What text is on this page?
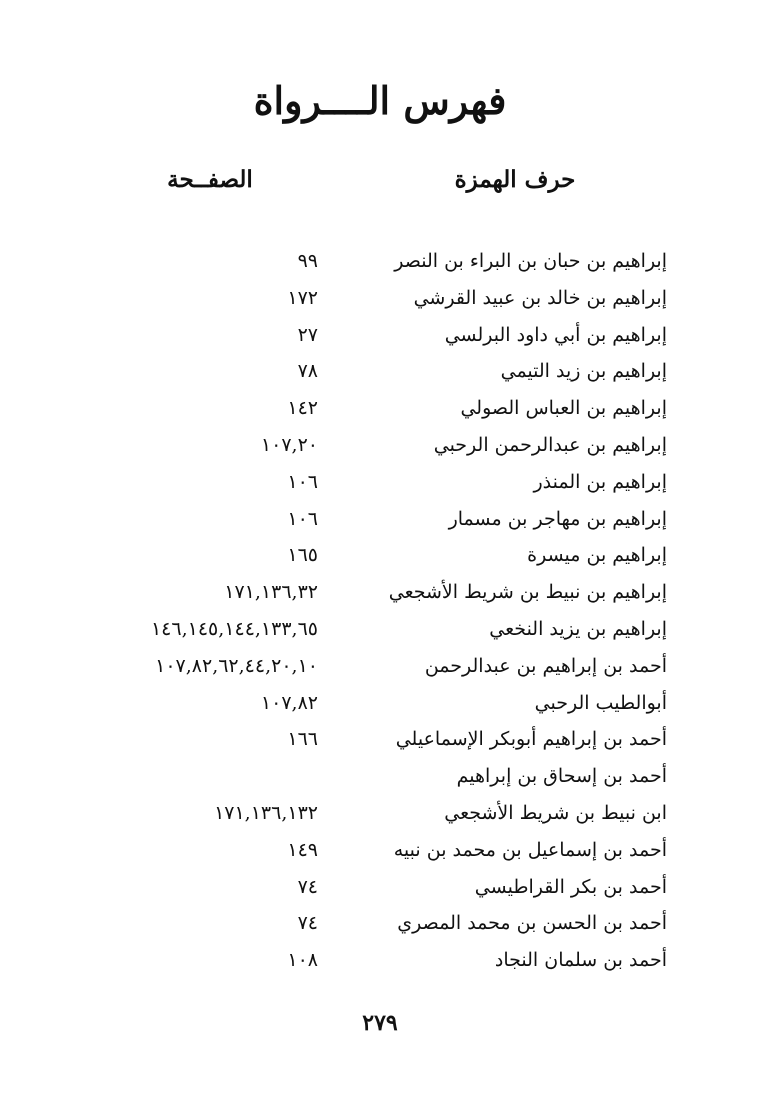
فهرس الــــرواة
حرف الهمزة
الصفــحة
إبراهيم بن حبان بن البراء بن النصر
٩٩
إبراهيم بن خالد بن عبيد القرشي
١٧٢
إبراهيم بن أبي داود البرلسي
٢٧
إبراهيم بن زيد التيمي
٧٨
إبراهيم بن العباس الصولي
١٤٢
إبراهيم بن عبدالرحمن الرحبي
١٠٧,٢٠
إبراهيم بن المنذر
١٠٦
إبراهيم بن مهاجر بن مسمار
١٠٦
إبراهيم بن ميسرة
١٦٥
إبراهيم بن نبيط بن شريط الأشجعي
١٧١,١٣٦,٣٢
إبراهيم بن يزيد النخعي
١٤٦,١٤٥,١٤٤,١٣٣,٦٥
أحمد بن إبراهيم بن عبدالرحمن
١٠٧,٨٢,٦٢,٤٤,٢٠,١٠
أبوالطيب الرحبي
١٠٧,٨٢
أحمد بن إبراهيم أبوبكر الإسماعيلي
١٦٦
أحمد بن إسحاق بن إبراهيم
ابن نبيط بن شريط الأشجعي
١٧١,١٣٦,١٣٢
أحمد بن إسماعيل بن محمد بن نبيه
١٤٩
أحمد بن بكر القراطيسي
٧٤
أحمد بن الحسن بن محمد المصري
٧٤
أحمد بن سلمان النجاد
١٠٨
٢٧٩
